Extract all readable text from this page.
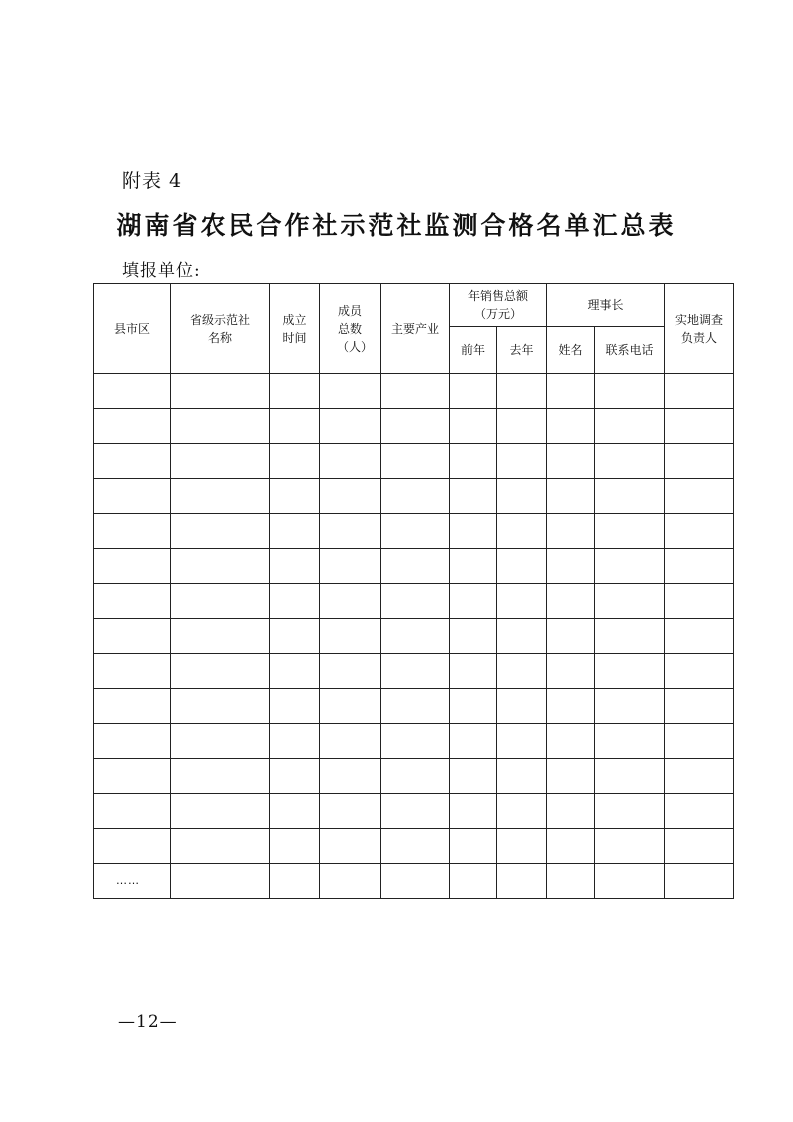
附表 4
湖南省农民合作社示范社监测合格名单汇总表
填报单位:
县市区	省级示范社名称	成立时间	成员总数（人）	主要产业	年销售总额（万元）		理事长		实地调查负责人
					前年	去年	姓名	联系电话	

……									
—12—
